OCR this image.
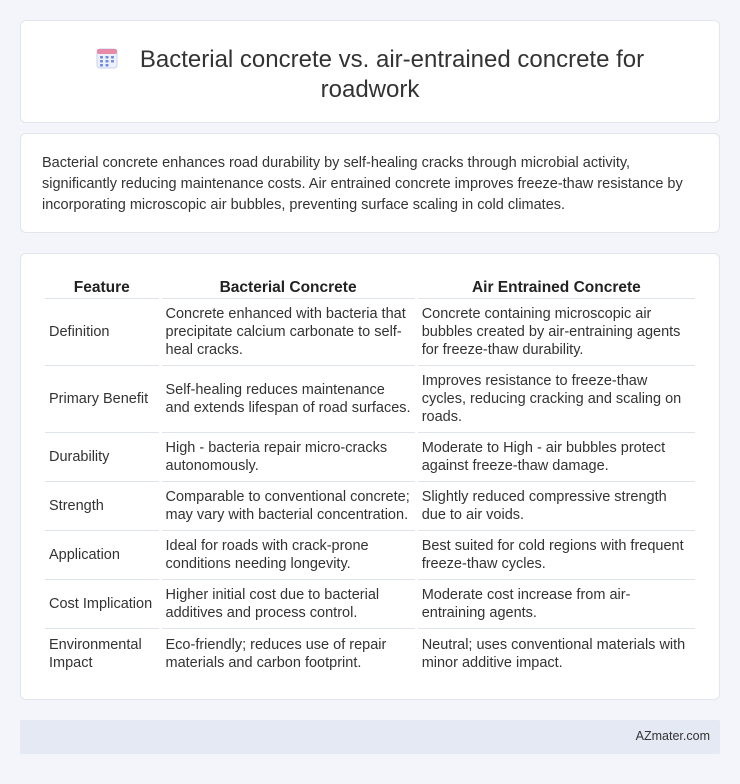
Bacterial concrete vs. air-entrained concrete for roadwork

Bacterial concrete enhances road durability by self-healing cracks through microbial activity, significantly reducing maintenance costs. Air entrained concrete improves freeze-thaw resistance by incorporating microscopic air bubbles, preventing surface scaling in cold climates.

Feature	Bacterial Concrete	Air Entrained Concrete
Definition	Concrete enhanced with bacteria that precipitate calcium carbonate to self-heal cracks.	Concrete containing microscopic air bubbles created by air-entraining agents for freeze-thaw durability.
Primary Benefit	Self-healing reduces maintenance and extends lifespan of road surfaces.	Improves resistance to freeze-thaw cycles, reducing cracking and scaling on roads.
Durability	High - bacteria repair micro-cracks autonomously.	Moderate to High - air bubbles protect against freeze-thaw damage.
Strength	Comparable to conventional concrete; may vary with bacterial concentration.	Slightly reduced compressive strength due to air voids.
Application	Ideal for roads with crack-prone conditions needing longevity.	Best suited for cold regions with frequent freeze-thaw cycles.
Cost Implication	Higher initial cost due to bacterial additives and process control.	Moderate cost increase from air-entraining agents.
Environmental Impact	Eco-friendly; reduces use of repair materials and carbon footprint.	Neutral; uses conventional materials with minor additive impact.
AZmater.com
